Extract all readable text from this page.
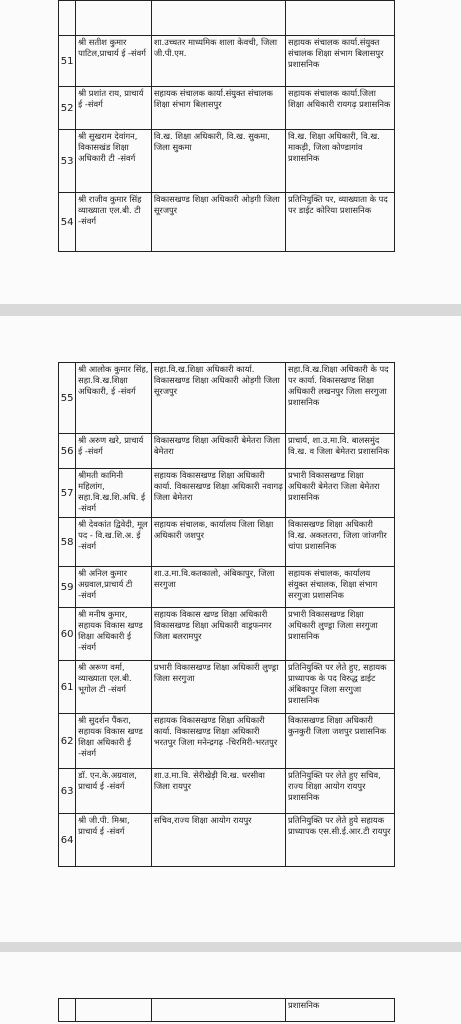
51	श्री सतीश कुमार पाटिल,प्राचार्य ई -संवर्ग	शा.उच्चतर माध्यमिक शाला केवची, जिला जी.पी.एम.	सहायक संचालक कार्या.संयुक्त संचालक शिक्षा संभाग बिलासपुर प्रशासनिक
52	श्री प्रशांत राय, प्राचार्य ई -संवर्ग	सहायक संचालक कार्या.संयुक्त संचालक शिक्षा संभाग बिलासपुर	सहायक संचालक कार्या.जिला शिक्षा अधिकारी रायगढ़ प्रशासनिक
53	श्री सुखराम देवांगन, विकासखंड शिक्षा अधिकारी टी -संवर्ग	वि.ख. शिक्षा अधिकारी, वि.ख. सुकमा, जिला सुकमा	वि.ख. शिक्षा अधिकारी, वि.ख. माकड़ी, जिला कोण्डागांव प्रशासनिक
54	श्री राजीव कुमार सिंह व्याख्याता एल.बी. टी -संवर्ग	विकासखण्ड शिक्षा अधिकारी ओड़गी जिला सूरजपुर	प्रतिनियुक्ति पर, व्याख्याता के पद पर डाईट कोरिया प्रशासनिक
55	श्री आलोक कुमार सिंह, सहा.वि.ख.शिक्षा अधिकारी, ई -संवर्ग	सहा.वि.ख.शिक्षा अधिकारी कार्या. विकासखण्ड शिक्षा अधिकारी ओड़गी जिला सूरजपुर	सहा.वि.ख.शिक्षा अधिकारी के पद पर कार्या. विकासखण्ड शिक्षा अधिकारी लखनपुर जिला सरगुजा प्रशासनिक
56	श्री अरुण खरे, प्राचार्य ई -संवर्ग	विकासखण्ड शिक्षा अधिकारी बेमेतरा जिला बेमेतरा	प्राचार्य, शा.उ.मा.वि. बालसमुंद वि.ख. व जिला बेमेतरा प्रशासनिक
57	श्रीमती कामिनी महिलांग, सहा.वि.ख.शि.अधि. ई -संवर्ग	सहायक विकासखण्ड शिक्षा अधिकारी कार्या. विकासखण्ड शिक्षा अधिकारी नवागढ़ जिला बेमेतरा	प्रभारी विकासखण्ड शिक्षा अधिकारी बेमेतरा जिला बेमेतरा प्रशासनिक
58	श्री देवकांत द्विवेदी, मूल पद - वि.ख.शि.अ. ई -संवर्ग	सहायक संचालक, कार्यालय जिला शिक्षा अधिकारी जशपुर	विकासखण्ड शिक्षा अधिकारी वि.ख. अकलतरा, जिला जांजगीर चांपा प्रशासनिक
59	श्री अनिल कुमार अग्रवाल,प्राचार्य टी -संवर्ग	शा.उ.मा.वि.कतकालो, अंबिकापुर, जिला सरगुजा	सहायक संचालक, कार्यालय संयुक्त संचालक, शिक्षा संभाग सरगुजा प्रशासनिक
60	श्री मनीष कुमार, सहायक विकास खण्ड शिक्षा अधिकारी ई -संवर्ग	सहायक विकास खण्ड शिक्षा अधिकारी विकासखण्ड शिक्षा अधिकारी वाड्रफनगर जिला बलरामपुर	प्रभारी विकासखण्ड शिक्षा अधिकारी लुण्ड्रा जिला सरगुजा प्रशासनिक
61	श्री अरूण वर्मा, व्याख्याता एल.बी. भूगोल टी -संवर्ग	प्रभारी विकासखण्ड शिक्षा अधिकारी लुण्ड्रा जिला सरगुजा	प्रतिनियुक्ति पर लेते हुए, सहायक प्राध्यापक के पद विरुद्ध डाईट अंबिकापुर जिला सरगुजा प्रशासनिक
62	श्री सुदर्शन पैंकरा, सहायक विकास खण्ड शिक्षा अधिकारी ई -संवर्ग	सहायक विकासखण्ड शिक्षा अधिकारी कार्या. विकासखण्ड शिक्षा अधिकारी भरतपुर जिला मनेन्द्रगढ़ -चिरमिरी-भरतपुर	विकासखण्ड शिक्षा अधिकारी कुनकुरी जिला जशपुर प्रशासनिक
63	डॉ. एन.के.अग्रवाल, प्राचार्य ई -संवर्ग	शा.उ.मा.वि. सेरीखेड़ी वि.ख. धरसीवा जिला रायपुर	प्रतिनियुक्ति पर लेते हुए सचिव, राज्य शिक्षा आयोग रायपुर प्रशासनिक
64	श्री जी.पी. मिश्रा, प्राचार्य ई -संवर्ग	सचिव,राज्य शिक्षा आयोग रायपुर	प्रतिनियुक्ति पर लेते हुये सहायक प्राध्यापक एस.सी.ई.आर.टी रायपुर
			प्रशासनिक
